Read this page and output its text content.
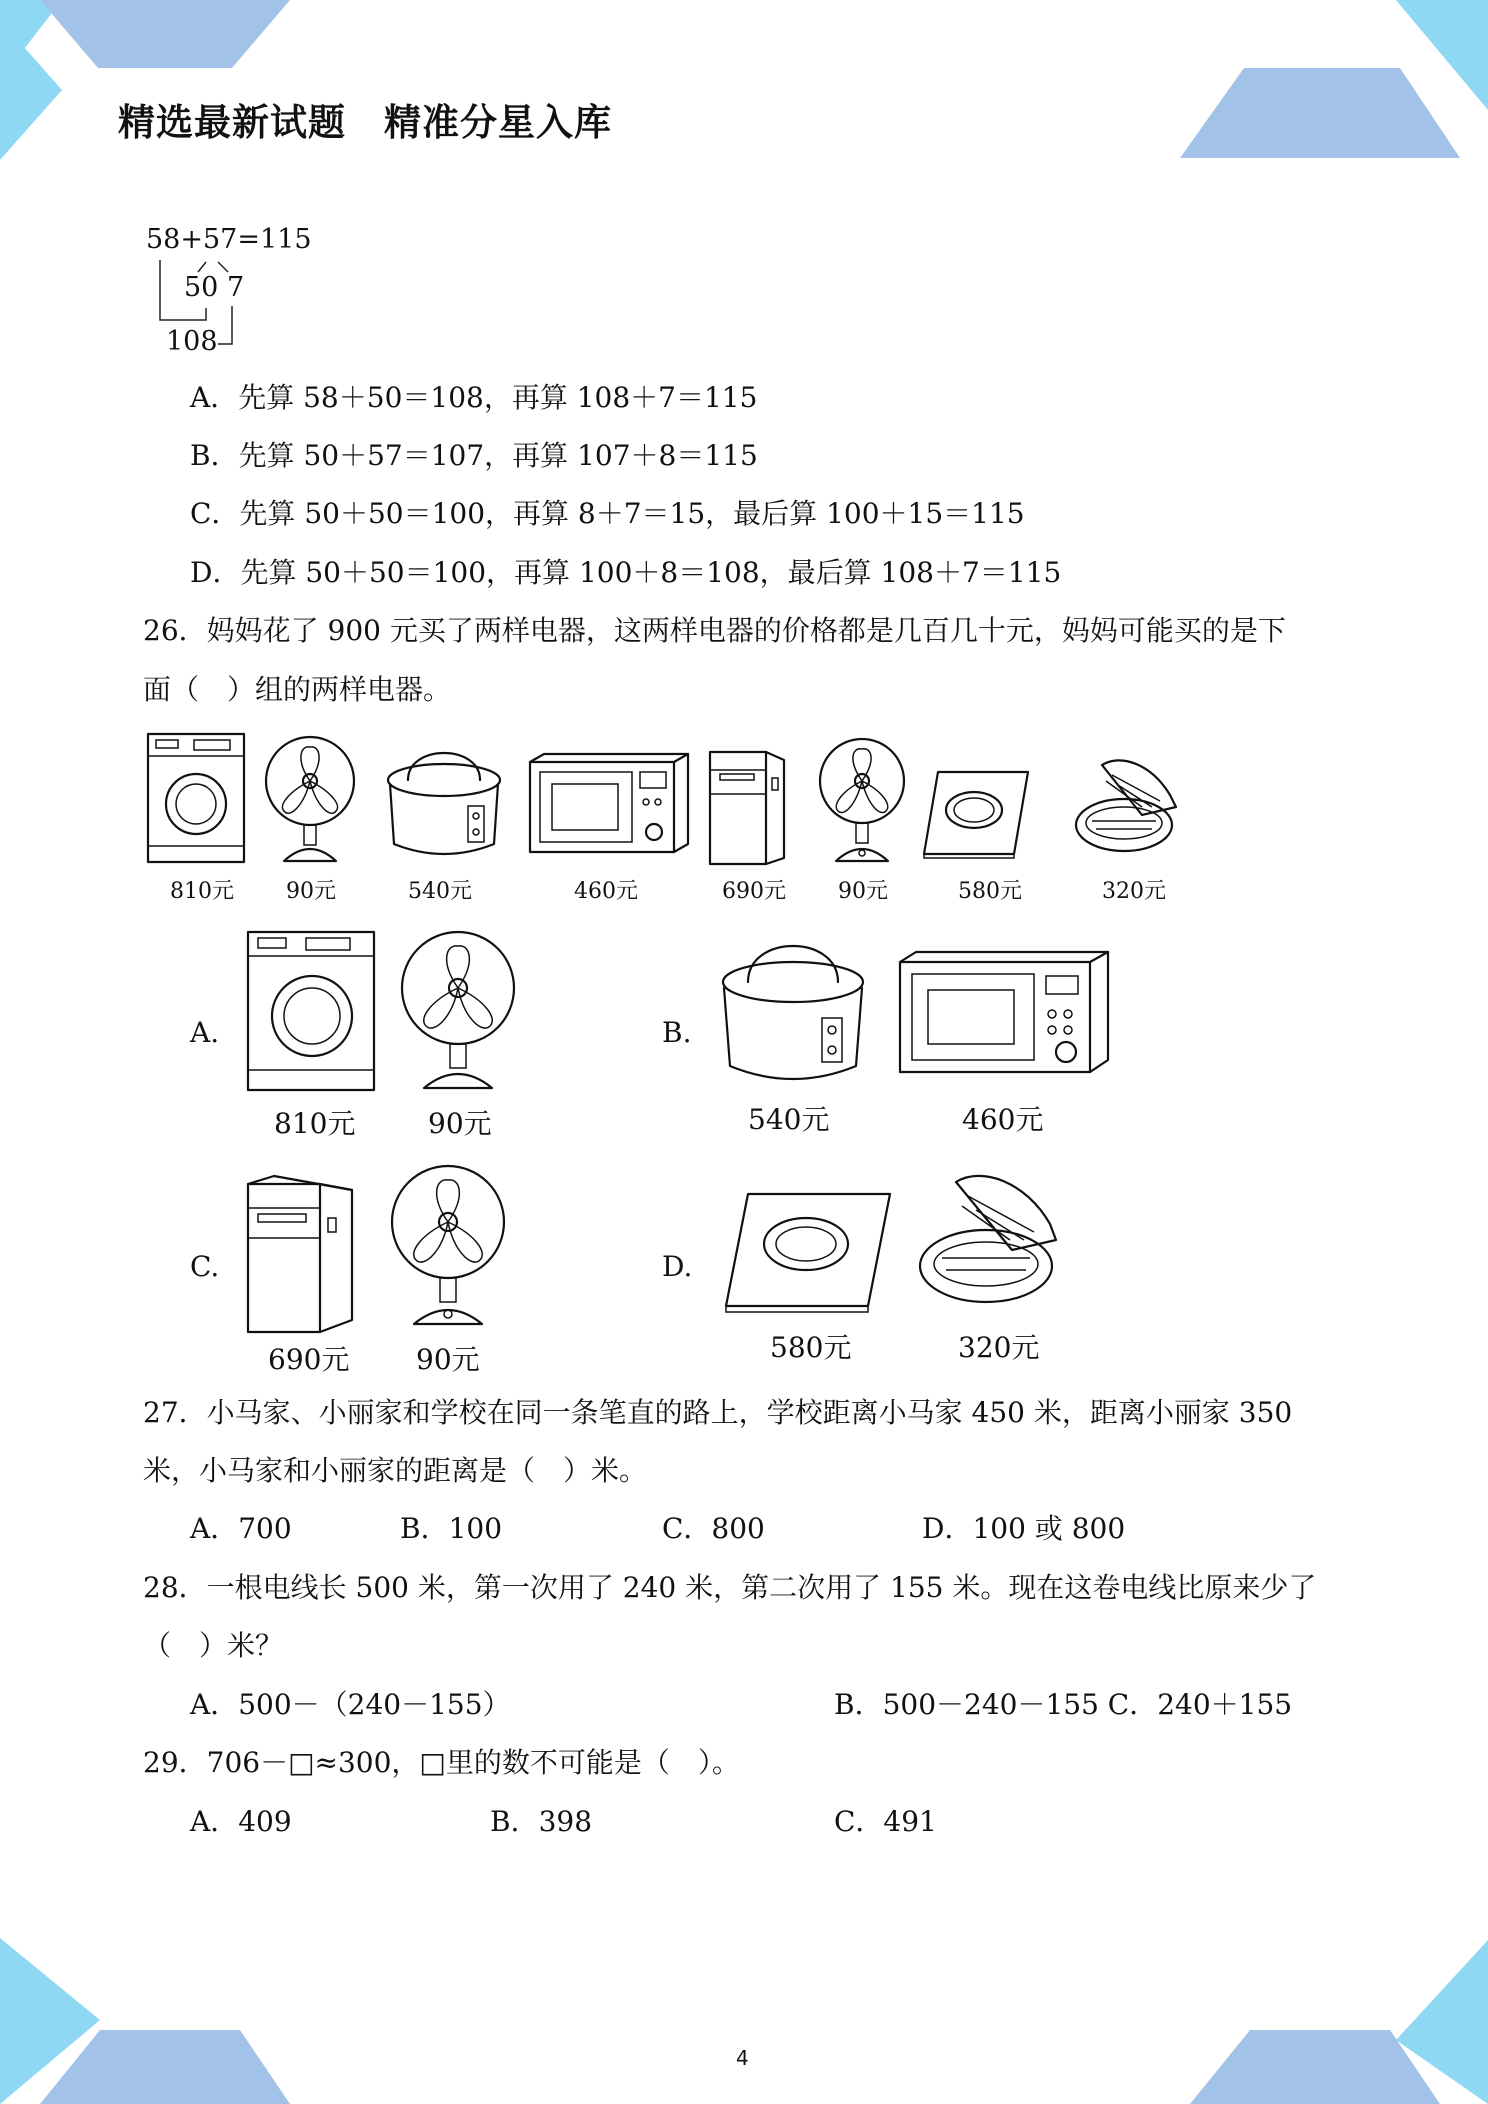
精选最新试题　精准分星入库
58+57=115
50 7
108
A．先算 58＋50＝108，再算 108＋7＝115
B．先算 50＋57＝107，再算 107＋8＝115
C．先算 50＋50＝100，再算 8＋7＝15，最后算 100＋15＝115
D．先算 50＋50＝100，再算 100＋8＝108，最后算 108＋7＝115
26．妈妈花了 900 元买了两样电器，这两样电器的价格都是几百几十元，妈妈可能买的是下
面（　）组的两样电器。
810元 90元	540元	460元	690元 90元	580元	320元
A.
810元	90元
B.
540元	460元
C.
690元 90元
D.
580元	320元
27．小马家、小丽家和学校在同一条笔直的路上，学校距离小马家 450 米，距离小丽家 350
米，小马家和小丽家的距离是（　）米。
A．700	B．100	C．800	D．100 或 800
28．一根电线长 500 米，第一次用了 240 米，第二次用了 155 米。现在这卷电线比原来少了
（　）米？
A．500－（240－155）	B．500－240－155 C．240＋155
29．706－□≈300，□里的数不可能是（　）。
A．409	B．398	C．491
4
